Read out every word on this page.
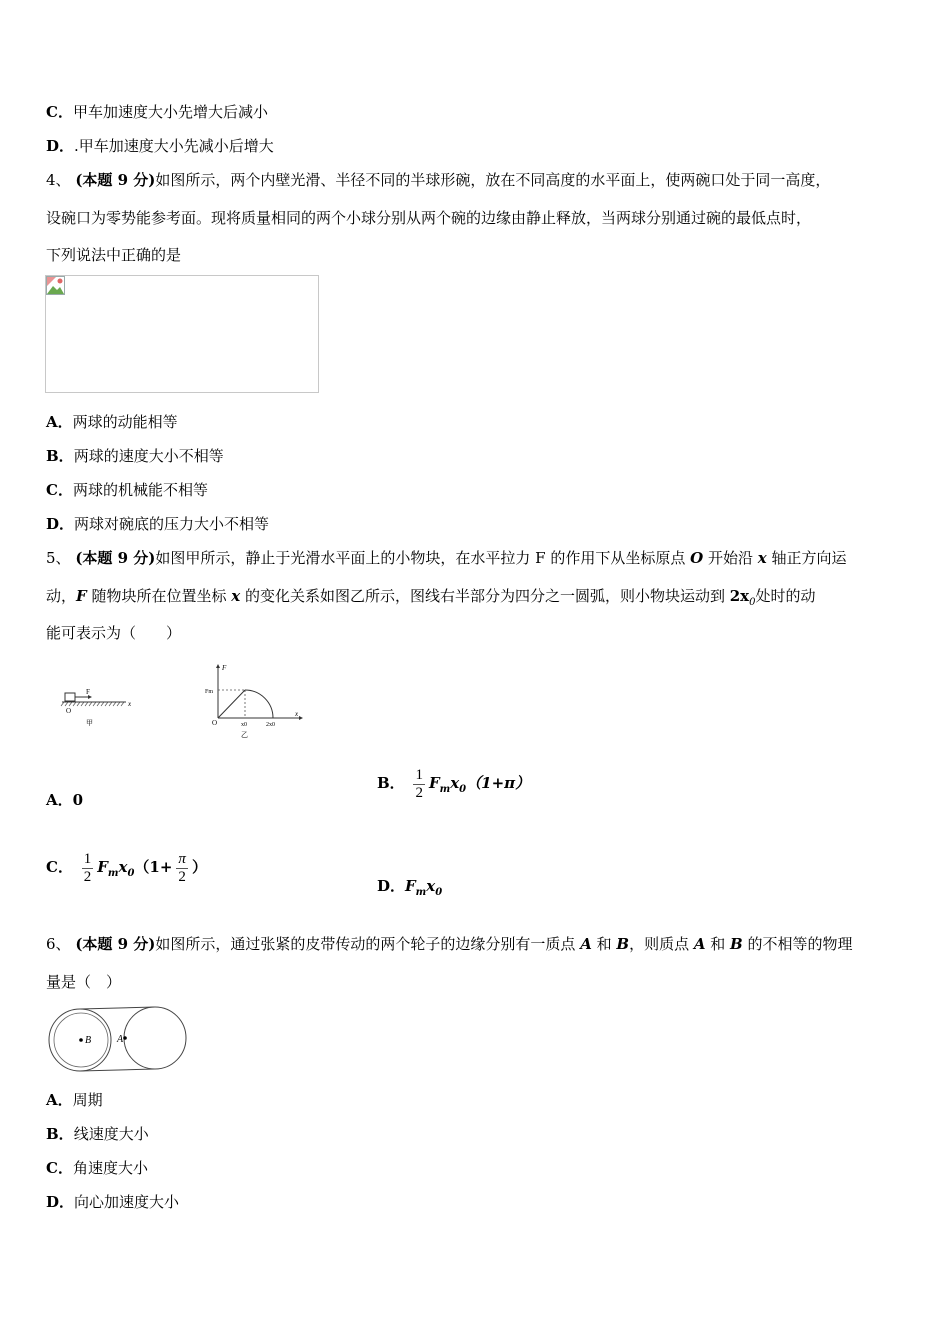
C．甲车加速度大小先增大后减小
D．.甲车加速度大小先减小后增大
4、 (本题 9 分)如图所示，两个内壁光滑、半径不同的半球形碗，放在不同高度的水平面上，使两碗口处于同一高度，
设碗口为零势能参考面。现将质量相同的两个小球分别从两个碗的边缘由静止释放，当两球分别通过碗的最低点时，
下列说法中正确的是
A．两球的动能相等
B．两球的速度大小不相等
C．两球的机械能不相等
D．两球对碗底的压力大小不相等
5、 (本题 9 分)如图甲所示，静止于光滑水平面上的小物块，在水平拉力 F 的作用下从坐标原点 O 开始沿 x 轴正方向运
动，F 随物块所在位置坐标 x 的变化关系如图乙所示，图线右半部分为四分之一圆弧，则小物块运动到 $2x_0$处时的动
能可表示为（　　）
F
O
x
甲
F
Fm
O	x0	2x0
x
乙
A．0
B． $\frac{1}{2} F_mx_0(1+\pi)$
C． $\frac{1}{2} F_mx_0(1+ \frac{\pi}{2}$ ）
D．$F_mx_0$
6、 (本题 9 分)如图所示，通过张紧的皮带传动的两个轮子的边缘分别有一质点 A 和 B，则质点 A 和 B 的不相等的物理
量是（　）
B	A
A．周期
B．线速度大小
C．角速度大小
D．向心加速度大小
